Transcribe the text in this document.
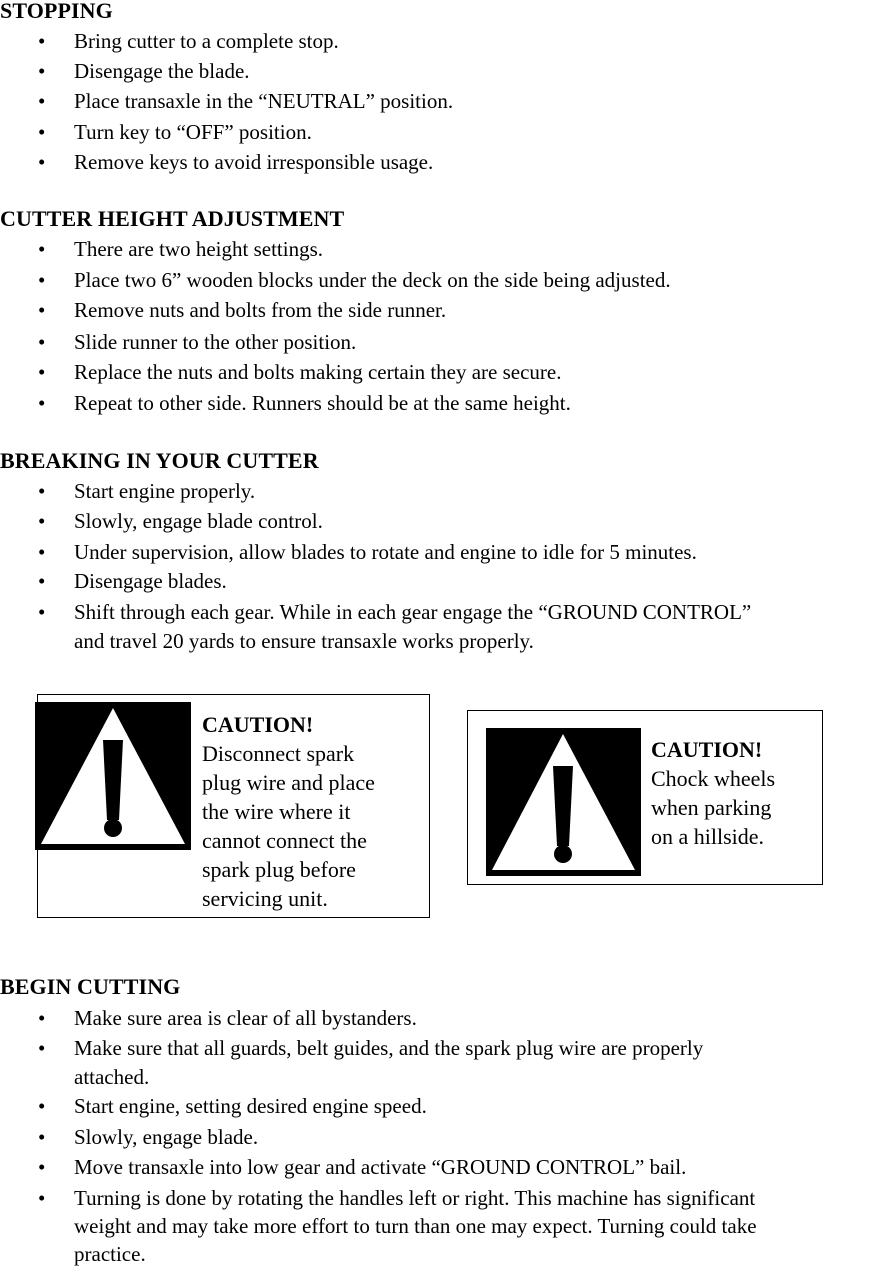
STOPPING
•
Bring cutter to a complete stop.
•
Disengage the blade.
•
Place transaxle in the “NEUTRAL” position.
•
Turn key to “OFF” position.
•
Remove keys to avoid irresponsible usage.
CUTTER HEIGHT ADJUSTMENT
•
There are two height settings.
•
Place two 6” wooden blocks under the deck on the side being adjusted.
•
Remove nuts and bolts from the side runner.
•
Slide runner to the other position.
•
Replace the nuts and bolts making certain they are secure.
•
Repeat to other side. Runners should be at the same height.
BREAKING IN YOUR CUTTER
•
Start engine properly.
•
Slowly, engage blade control.
•
Under supervision, allow blades to rotate and engine to idle for 5 minutes.
•
Disengage blades.
•
Shift through each gear. While in each gear engage the “GROUND CONTROL”
and travel 20 yards to ensure transaxle works properly.
CAUTION!
Disconnect spark
plug wire and place
the wire where it
cannot connect the
spark plug before
servicing unit.
CAUTION!
Chock wheels
when parking
on a hillside.
BEGIN CUTTING
•
Make sure area is clear of all bystanders.
•
Make sure that all guards, belt guides, and the spark plug wire are properly
attached.
•
Start engine, setting desired engine speed.
•
Slowly, engage blade.
•
Move transaxle into low gear and activate “GROUND CONTROL” bail.
•
Turning is done by rotating the handles left or right. This machine has significant
weight and may take more effort to turn than one may expect. Turning could take
practice.
